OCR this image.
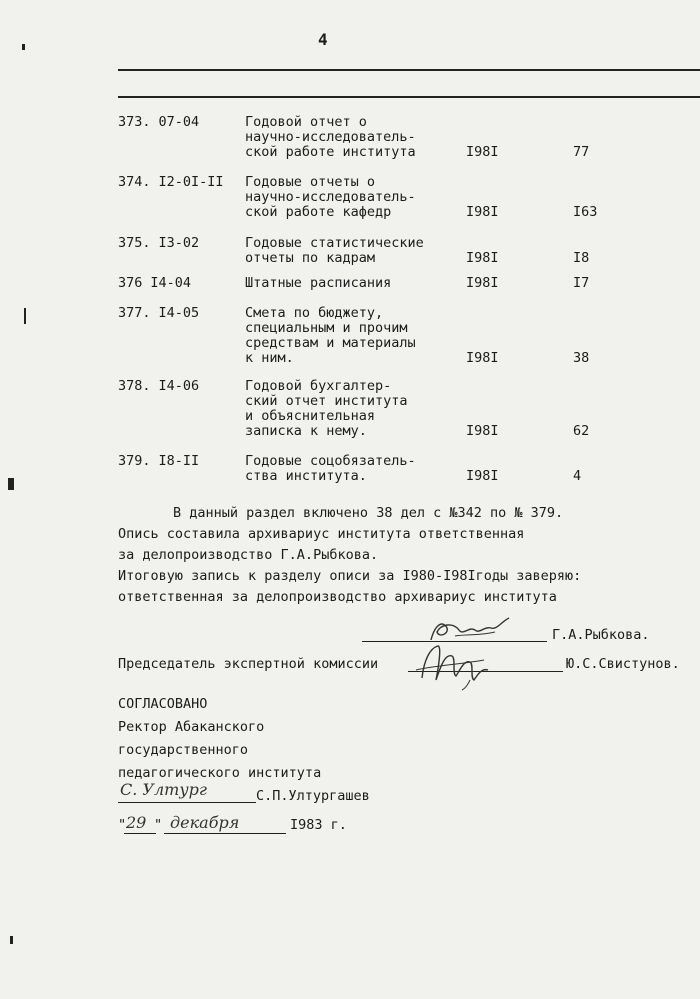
4
373. 07-04	Годовой отчет о
научно-исследователь-
ской работе института	I98I	77
374. I2-0I-II Годовые отчеты о
научно-исследователь-
ской работе кафедр	I98I	I63
375. I3-02	Годовые статистические
отчеты по кадрам	I98I	I8
376 I4-04	Штатные расписания	I98I	I7
377. I4-05	Смета по бюджету,
специальным и прочим
средствам и материалы
к ним.	I98I	38
378. I4-06	Годовой бухгалтер-
ский отчет института
и объяснительная
записка к нему.	I98I	62
379. I8-II	Годовые соцобязатель-
ства института.	I98I	4
В данный раздел включено 38 дел с №342 по № 379.
Опись составила архивариус института ответственная
за делопроизводство Г.А.Рыбкова.
Итоговую запись к разделу описи за I980-I98Iгоды заверяю:
ответственная за делопроизводство архивариус института
Г.А.Рыбкова.
Председатель экспертной комиссии	Ю.С.Свистунов.
СОГЛАСОВАНО
Ректор Абаканского
государственного
педагогического института
С. Ултург	С.П.Ултургашев
" 29 " декабря	I983 г.
